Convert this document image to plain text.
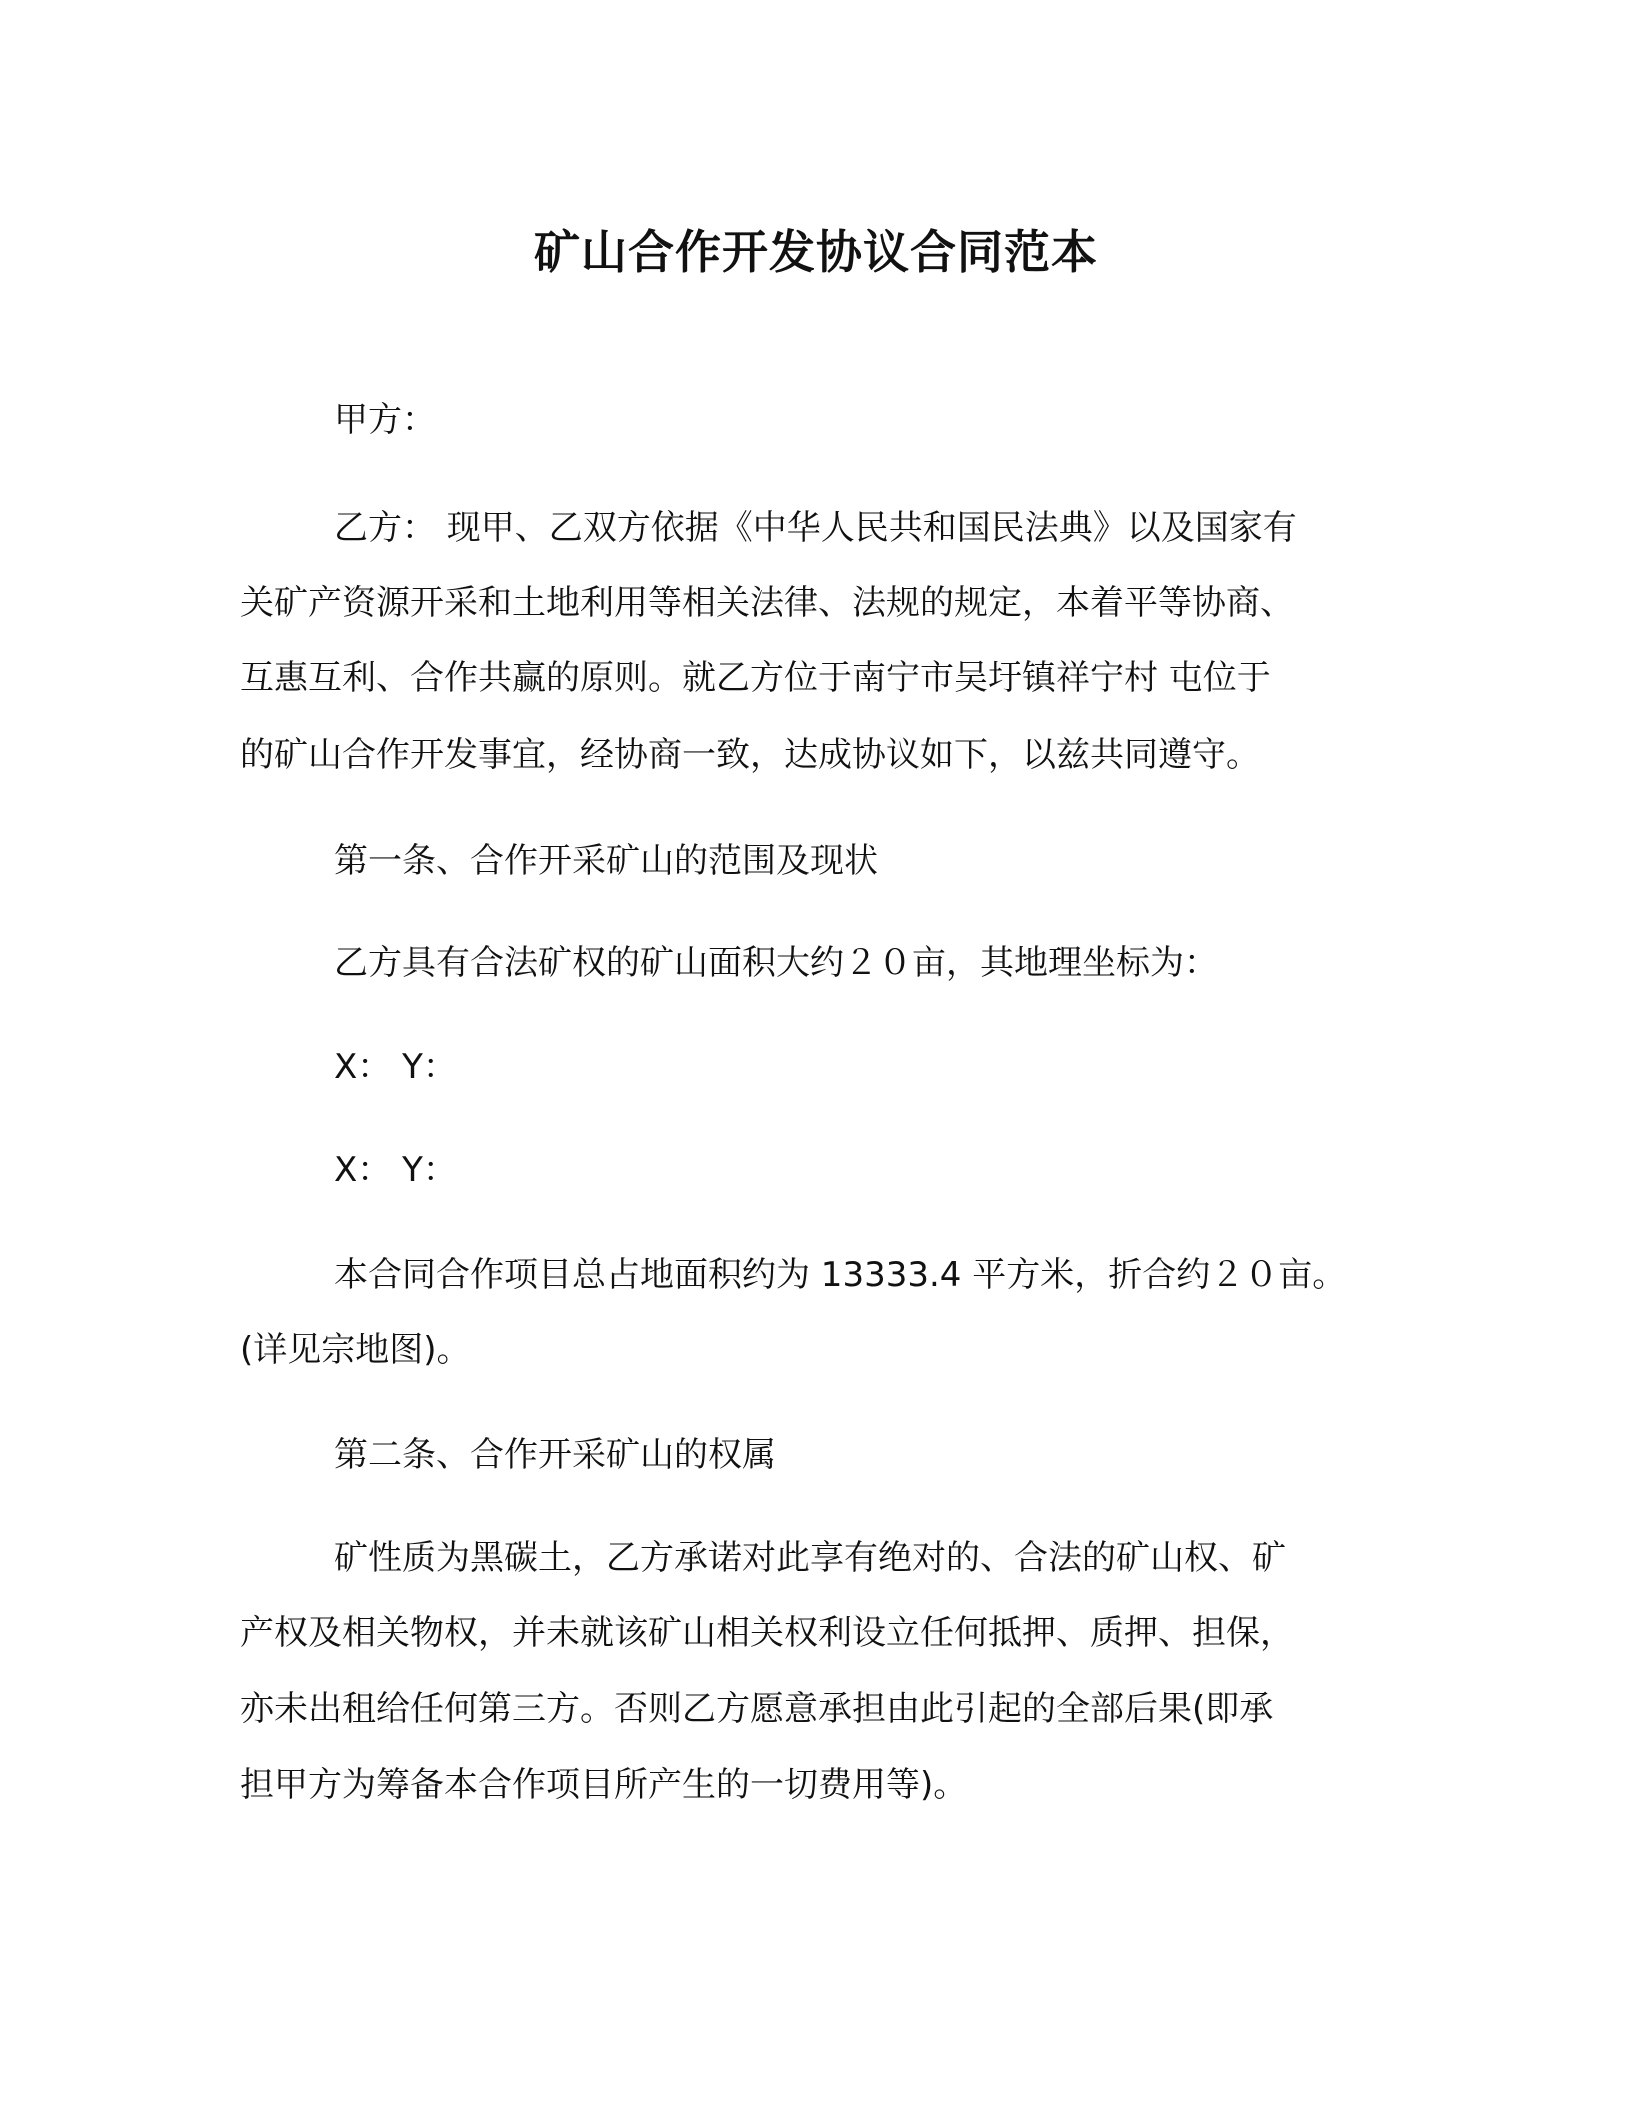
矿山合作开发协议合同范本
甲方：
乙方： 现甲、乙双方依据《中华人民共和国民法典》以及国家有
关矿产资源开采和土地利用等相关法律、法规的规定，本着平等协商、
互惠互利、合作共赢的原则。就乙方位于南宁市吴圩镇祥宁村 屯位于
的矿山合作开发事宜，经协商一致，达成协议如下，以兹共同遵守。
第一条、合作开采矿山的范围及现状
乙方具有合法矿权的矿山面积大约２０亩，其地理坐标为：
X： Y：
X： Y：
本合同合作项目总占地面积约为 13333.4 平方米，折合约２０亩。
(详见宗地图)。
第二条、合作开采矿山的权属
矿性质为黑碳土，乙方承诺对此享有绝对的、合法的矿山权、矿
产权及相关物权，并未就该矿山相关权利设立任何抵押、质押、担保，
亦未出租给任何第三方。否则乙方愿意承担由此引起的全部后果(即承
担甲方为筹备本合作项目所产生的一切费用等)。
